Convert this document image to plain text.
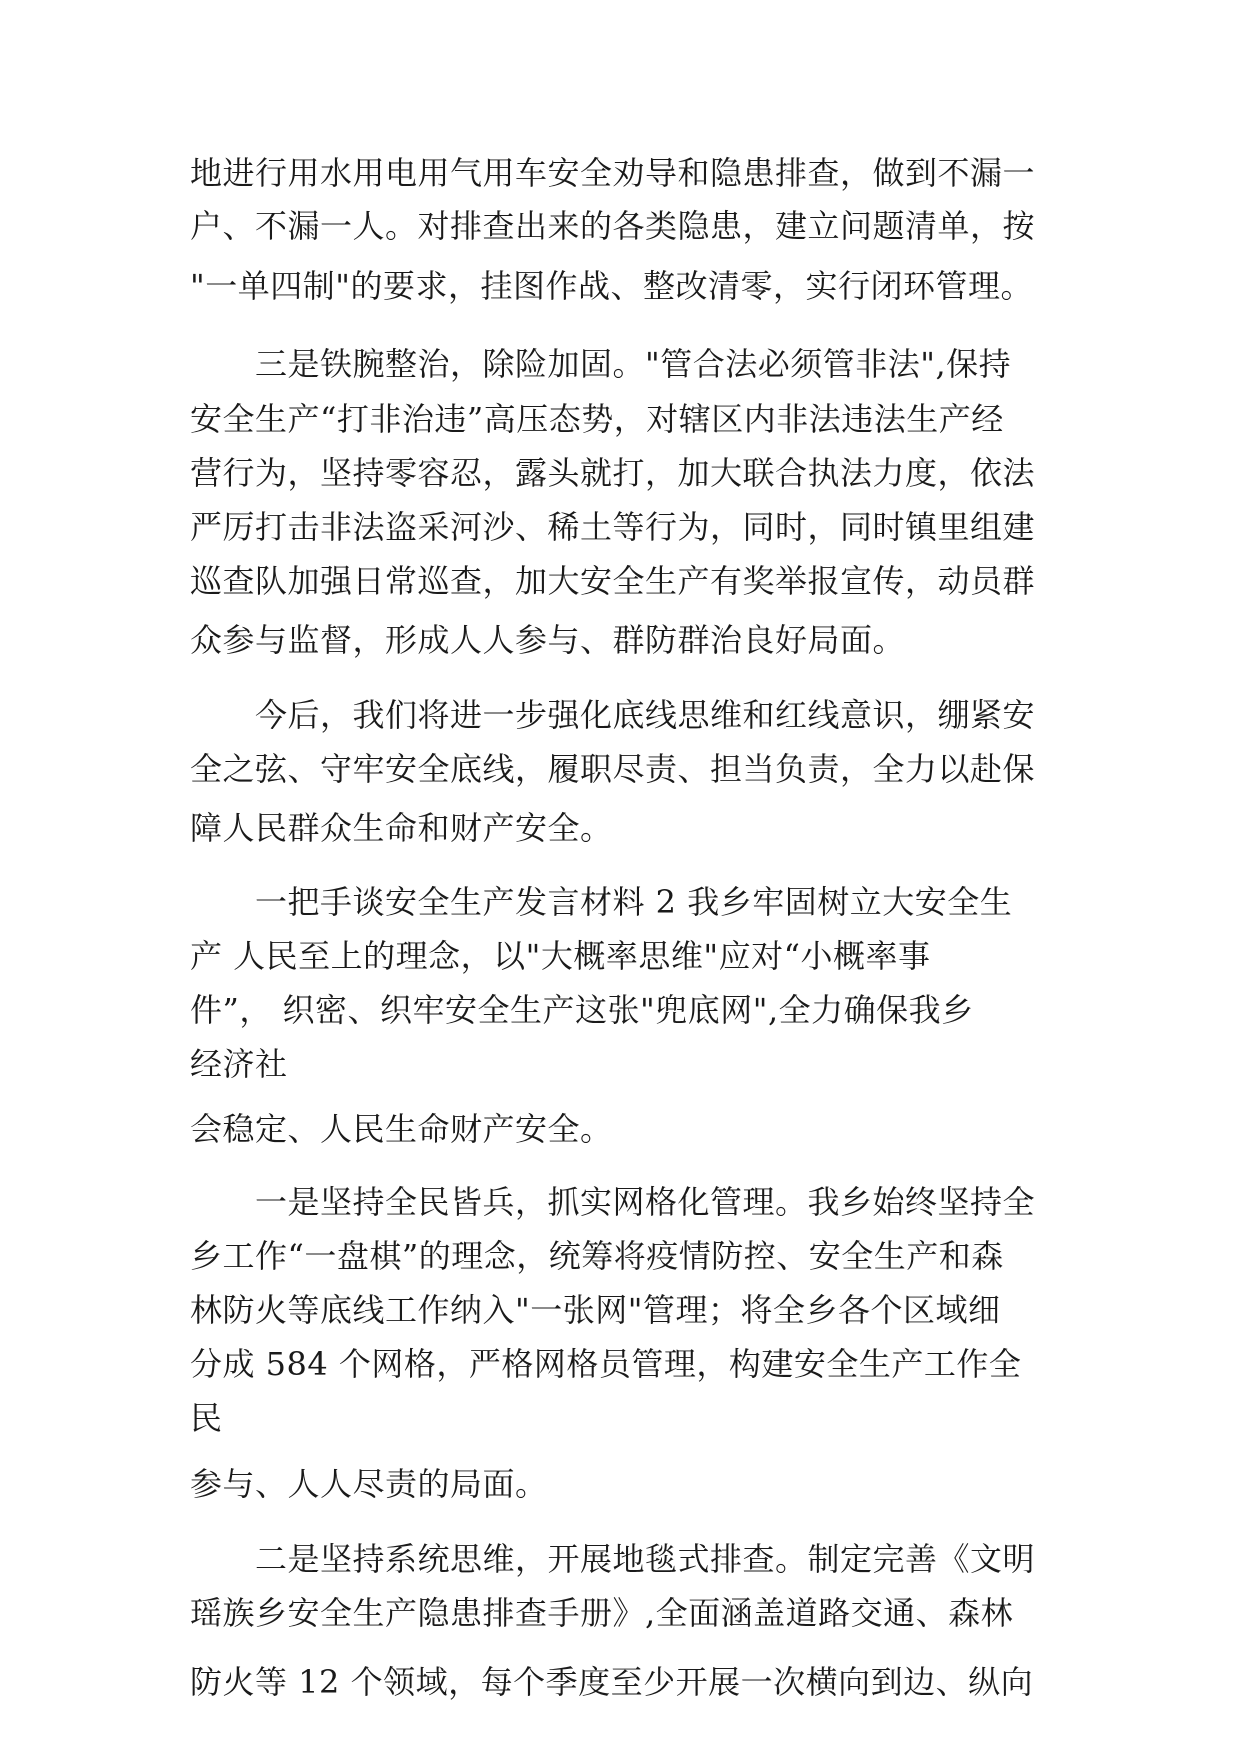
地进行用水用电用气用车安全劝导和隐患排查，做到不漏一
户、不漏一人。对排查出来的各类隐患，建立问题清单，按
"一单四制"的要求，挂图作战、整改清零，实行闭环管理。
　　三是铁腕整治，除险加固。"管合法必须管非法",保持
安全生产“打非治违”高压态势，对辖区内非法违法生产经
营行为，坚持零容忍，露头就打，加大联合执法力度，依法
严厉打击非法盗采河沙、稀土等行为，同时，同时镇里组建
巡查队加强日常巡查，加大安全生产有奖举报宣传，动员群
众参与监督，形成人人参与、群防群治良好局面。
　　今后，我们将进一步强化底线思维和红线意识，绷紧安
全之弦、守牢安全底线，履职尽责、担当负责，全力以赴保
障人民群众生命和财产安全。
　　一把手谈安全生产发言材料 2 我乡牢固树立大安全生
产 人民至上的理念，以"大概率思维"应对“小概率事
件”， 织密、织牢安全生产这张"兜底网",全力确保我乡
经济社
会稳定、人民生命财产安全。
　　一是坚持全民皆兵，抓实网格化管理。我乡始终坚持全
乡工作“一盘棋”的理念，统筹将疫情防控、安全生产和森
林防火等底线工作纳入"一张网"管理；将全乡各个区域细
分成 584 个网格，严格网格员管理，构建安全生产工作全
民
参与、人人尽责的局面。
　　二是坚持系统思维，开展地毯式排查。制定完善《文明
瑶族乡安全生产隐患排查手册》,全面涵盖道路交通、森林
防火等 12 个领域，每个季度至少开展一次横向到边、纵向
